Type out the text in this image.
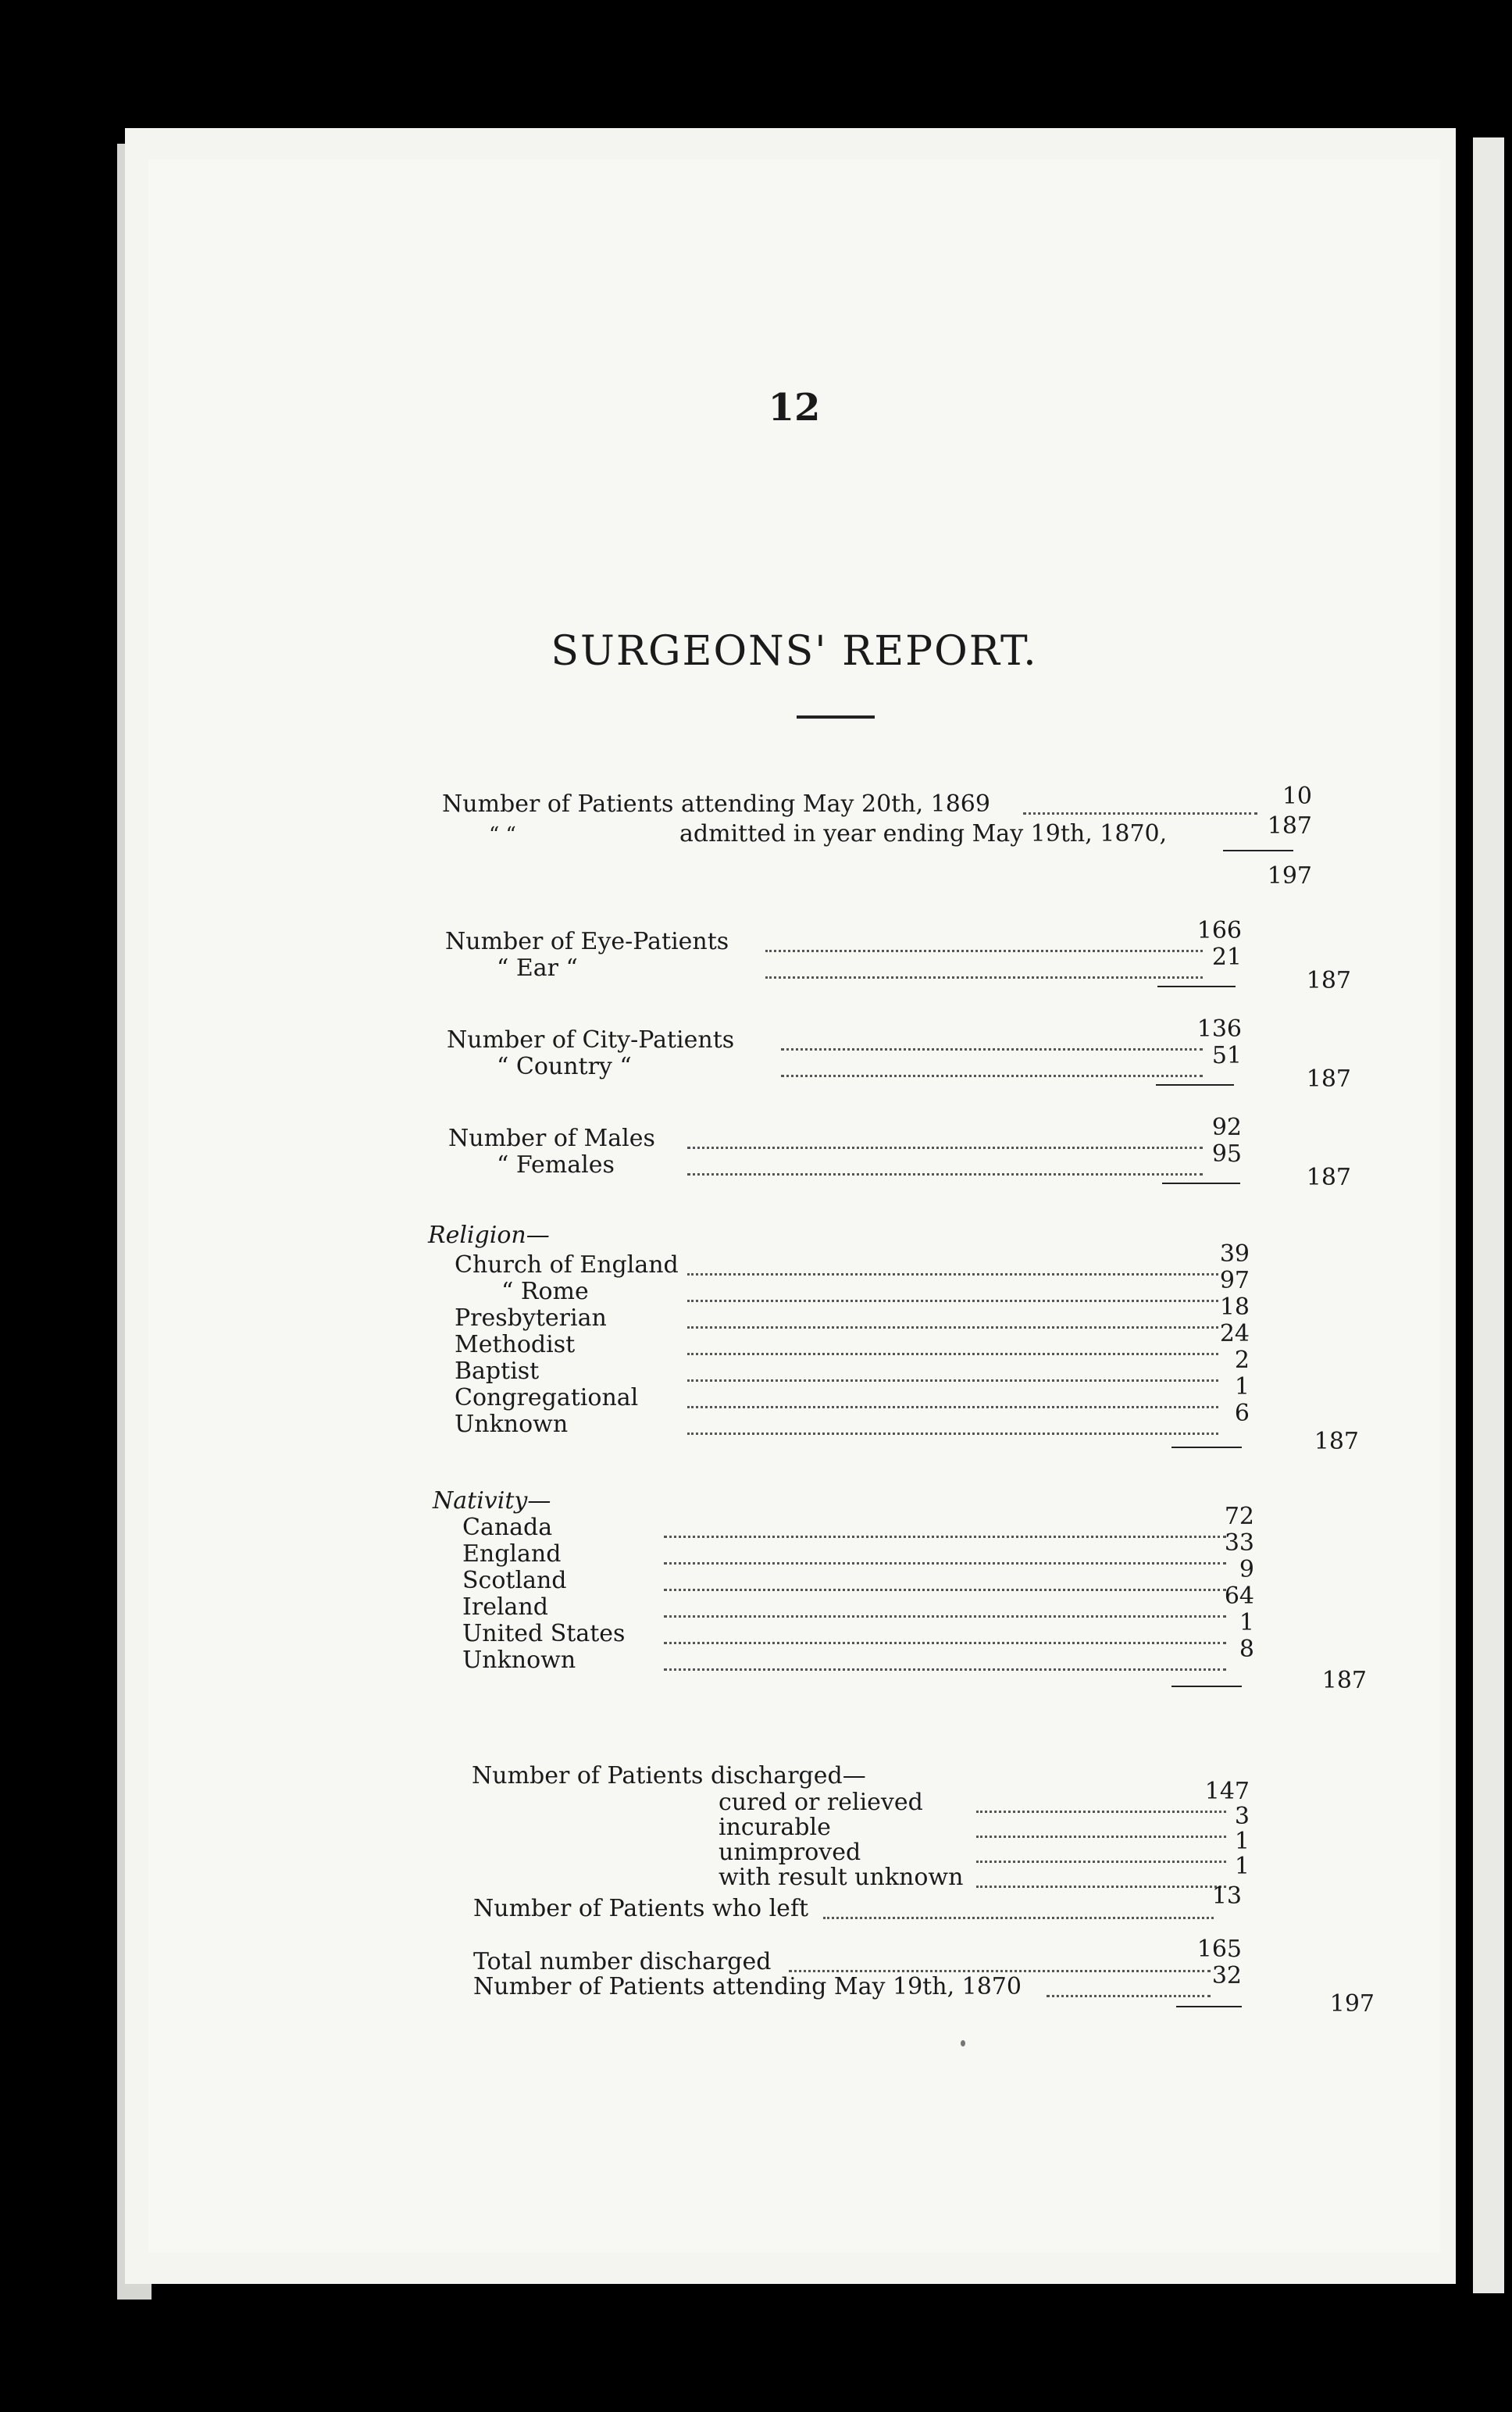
12
SURGEONS' REPORT.
Number of Patients attending May 20th, 1869	10
“ “	admitted in year ending May 19th, 1870,	187
197
Number of Eye-Patients	166
“ Ear “	21
187
Number of City-Patients	136
“ Country “	51
187
Number of Males	92
“ Females	95
187
Religion—
Church of England	39
“ Rome	97
Presbyterian	18
Methodist	24
Baptist	2
Congregational	1
Unknown	6
187
Nativity—
Canada	72
England	33
Scotland	9
Ireland	64
United States	1
Unknown	8
187
Number of Patients discharged—
cured or relieved	147
incurable	3
unimproved	1
with result unknown	1
Number of Patients who left	13
Total number discharged	165
Number of Patients attending May 19th, 1870	32
197
